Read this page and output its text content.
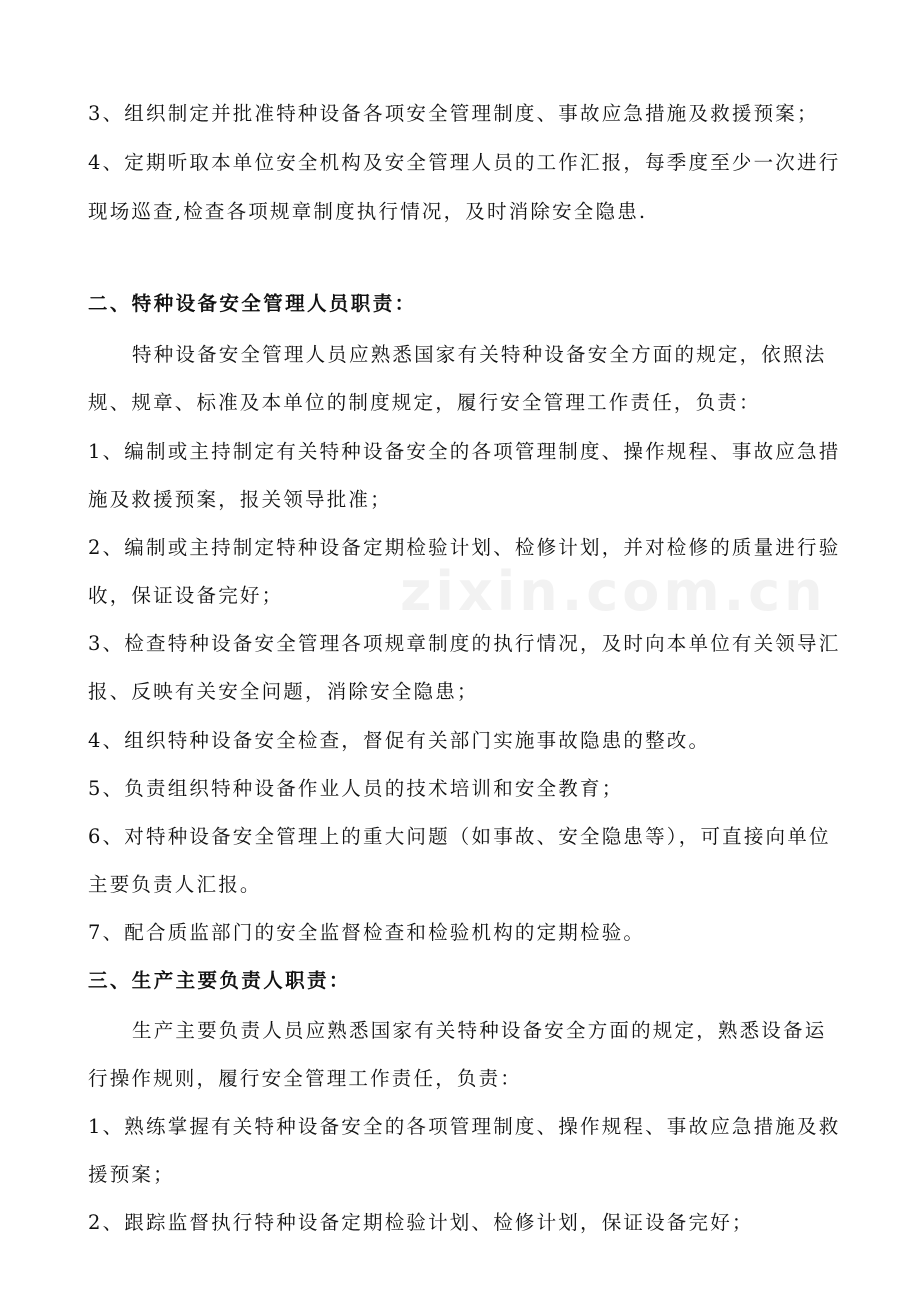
3、组织制定并批准特种设备各项安全管理制度、事故应急措施及救援预案；
4、定期听取本单位安全机构及安全管理人员的工作汇报，每季度至少一次进行
现场巡查,检查各项规章制度执行情况，及时消除安全隐患.
二、特种设备安全管理人员职责：
特种设备安全管理人员应熟悉国家有关特种设备安全方面的规定，依照法
规、规章、标准及本单位的制度规定，履行安全管理工作责任，负责：
1、编制或主持制定有关特种设备安全的各项管理制度、操作规程、事故应急措
施及救援预案，报关领导批准；
2、编制或主持制定特种设备定期检验计划、检修计划，并对检修的质量进行验
收，保证设备完好；
3、检查特种设备安全管理各项规章制度的执行情况，及时向本单位有关领导汇
报、反映有关安全问题，消除安全隐患；
4、组织特种设备安全检查，督促有关部门实施事故隐患的整改。
5、负责组织特种设备作业人员的技术培训和安全教育；
6、对特种设备安全管理上的重大问题（如事故、安全隐患等），可直接向单位
主要负责人汇报。
7、配合质监部门的安全监督检查和检验机构的定期检验。
三、生产主要负责人职责：
生产主要负责人员应熟悉国家有关特种设备安全方面的规定，熟悉设备运
行操作规则，履行安全管理工作责任，负责：
1、熟练掌握有关特种设备安全的各项管理制度、操作规程、事故应急措施及救
援预案；
2、跟踪监督执行特种设备定期检验计划、检修计划，保证设备完好；
zixin.com.cn
